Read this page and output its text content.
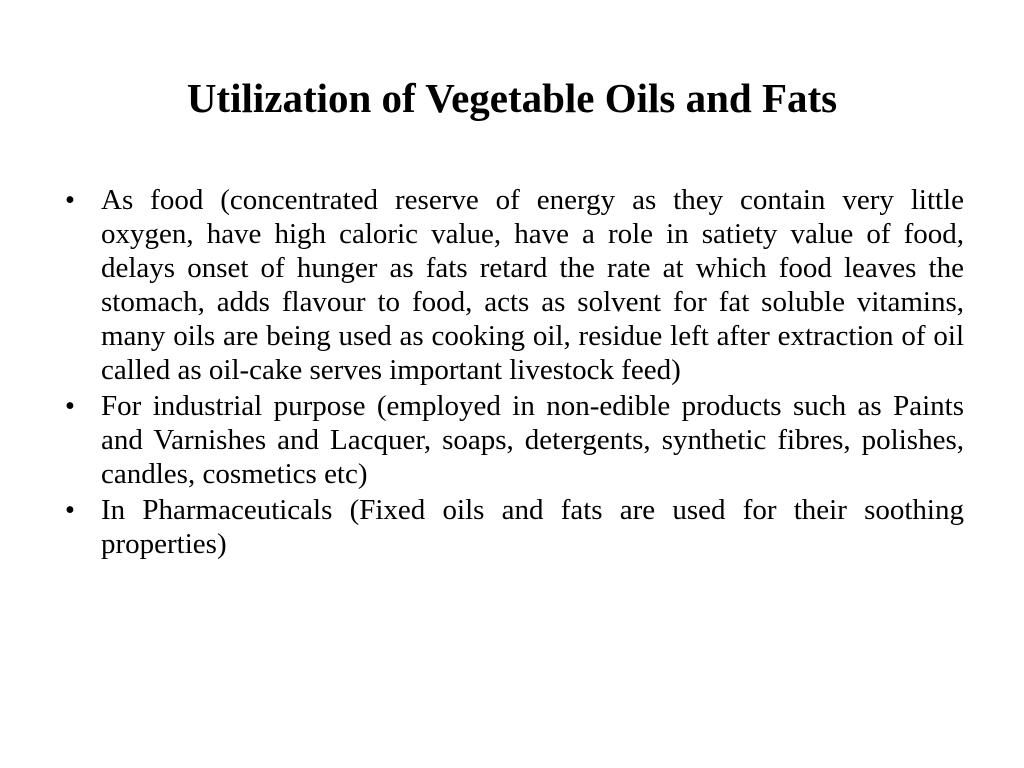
Utilization of Vegetable Oils and Fats
• As food (concentrated reserve of energy as they contain very little oxygen, have high caloric value, have a role in satiety value of food, delays onset of hunger as fats retard the rate at which food leaves the stomach, adds flavour to food, acts as solvent for fat soluble vitamins, many oils are being used as cooking oil, residue left after extraction of oil called as oil-cake serves important livestock feed)
• For industrial purpose (employed in non-edible products such as Paints and Varnishes and Lacquer, soaps, detergents, synthetic fibres, polishes, candles, cosmetics etc)
• In Pharmaceuticals (Fixed oils and fats are used for their soothing properties)
